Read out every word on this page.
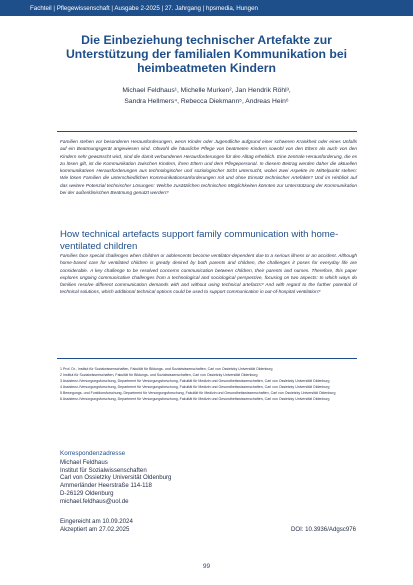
Fachteil | Pflegewissenschaft | Ausgabe 2-2025 | 27. Jahrgang | hpsmedia, Hungen
Die Einbeziehung technischer Artefakte zur Unterstützung der familialen Kommunikation bei heimbeatmeten Kindern
Michael Feldhaus¹, Michelle Murken², Jan Hendrik Röhl³,
Sandra Hellmers⁴, Rebecca Diekmann⁵, Andreas Hein⁶

Familien stehen vor besonderen Herausforderungen, wenn Kinder oder Jugendliche aufgrund einer schweren Krankheit oder eines Unfalls auf ein Beatmungsgerät angewiesen sind. Obwohl die häusliche Pflege von beatmeten Kindern sowohl von den Eltern als auch von den Kindern sehr gewünscht wird, sind die damit verbundenen Herausforderungen für den Alltag erheblich. Eine zentrale Herausforderung, die es zu lösen gilt, ist die Kommunikation zwischen Kindern, ihren Eltern und dem Pflegepersonal. In diesem Beitrag werden daher die aktuellen kommunikativen Herausforderungen aus technologischer und soziologischer Sicht untersucht, wobei zwei Aspekte im Mittelpunkt stehen: Wie lösen Familien die unterschiedlichen Kommunikationsanforderungen mit und ohne Einsatz technischer Artefakte? Und im Hinblick auf das weitere Potenzial technischer Lösungen: Welche zusätzlichen technischen Möglichkeiten könnten zur Unterstützung der Kommunikation bei der außerklinischen Beatmung genutzt werden?

How technical artefacts support family communication with home-ventilated children

Families face special challenges when children or adolescents become ventilator-dependent due to a serious illness or an accident. Although home-based care for ventilated children is greatly desired by both parents and children, the challenges it poses for everyday life are considerable. A key challenge to be resolved concerns communication between children, their parents and nurses. Therefore, this paper explores ongoing communicative challenges from a technological and sociological perspective, focusing on two aspects: In which ways do families resolve different communication demands with and without using technical artefacts? And with regard to the further potential of technical solutions, which additional technical options could be used to support communication in out-of-hospital ventilation?

1 Prof. Dr., Institut für Sozialwissenschaften, Fakultät für Bildungs- und Sozialwissenschaften, Carl von Ossietzky Universität Oldenburg
2 Institut für Sozialwissenschaften, Fakultät für Bildungs- und Sozialwissenschaften, Carl von Ossietzky Universität Oldenburg
3 Assistenz-/Versorgungsforschung, Department für Versorgungsforschung, Fakultät für Medizin und Gesundheitswissenschaften, Carl von Ossietzky Universität Oldenburg
4 Assistenz-/Versorgungsforschung, Department für Versorgungsforschung, Fakultät für Medizin und Gesundheitswissenschaften, Carl von Ossietzky Universität Oldenburg
5 Bewegungs- und Funktionsforschung, Department für Versorgungsforschung, Fakultät für Medizin und Gesundheitswissenschaften, Carl von Ossietzky Universität Oldenburg
6 Assistenz-/Versorgungsforschung, Department für Versorgungsforschung, Fakultät für Medizin und Gesundheitswissenschaften, Carl von Ossietzky Universität Oldenburg
Korrespondenzadresse
Michael Feldhaus
Institut für Sozialwissenschaften
Carl von Ossietzky Universität Oldenburg
Ammerländer Heerstraße 114-118
D-26129 Oldenburg
michael.feldhaus@uol.de
Eingereicht am 10.09.2024
Akzeptiert am 27.02.2025	DOI: 10.3936/Adgsc976
99
